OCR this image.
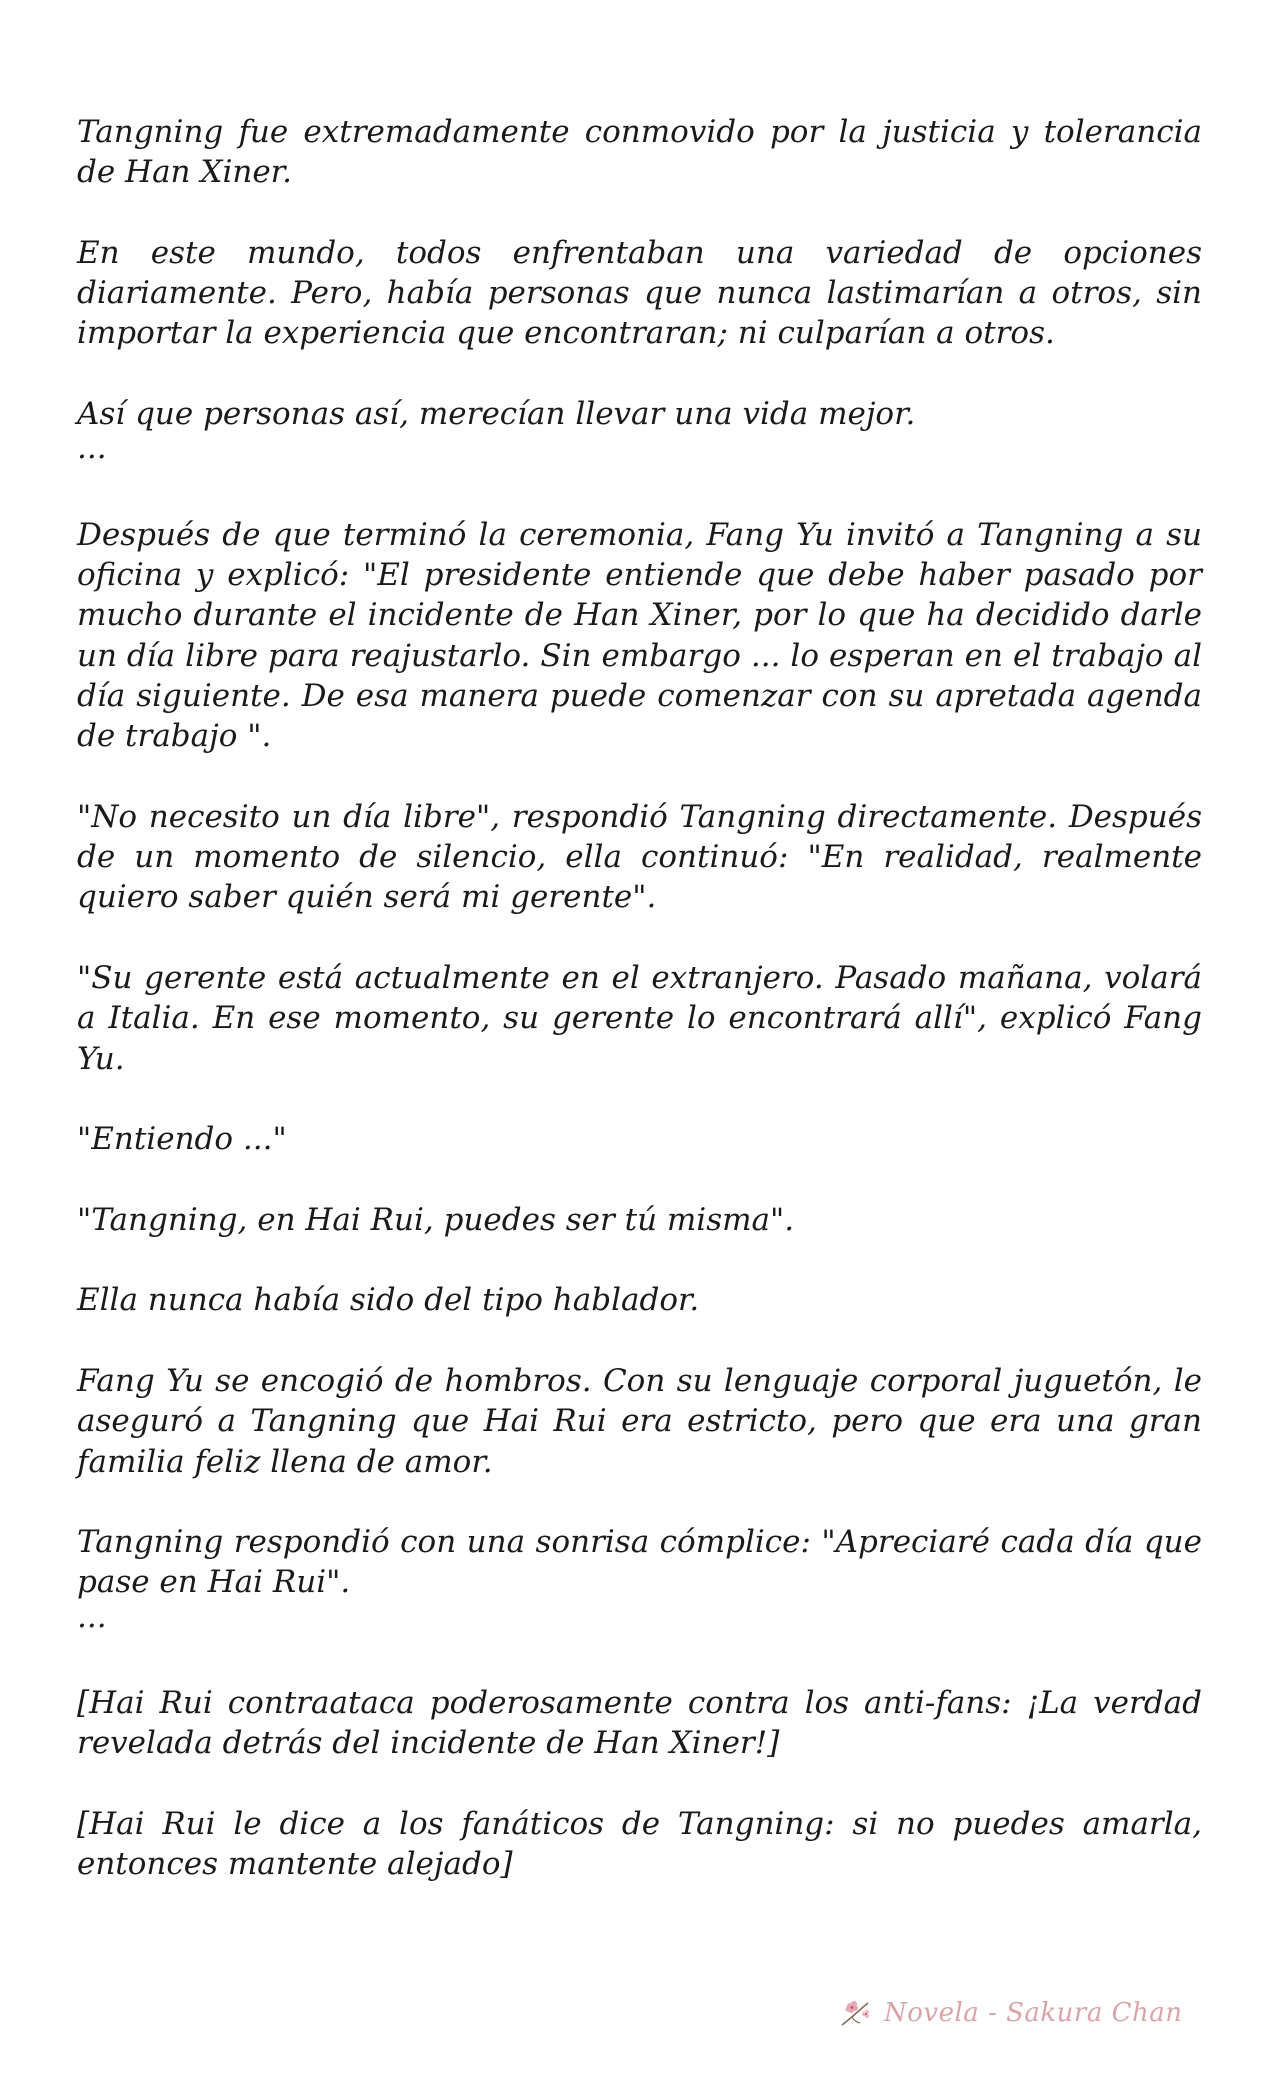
Tangning fue extremadamente conmovido por la justicia y tolerancia de Han Xiner.

En este mundo, todos enfrentaban una variedad de opciones diariamente. Pero, había personas que nunca lastimarían a otros, sin importar la experiencia que encontraran; ni culparían a otros.

Así que personas así, merecían llevar una vida mejor.

...

Después de que terminó la ceremonia, Fang Yu invitó a Tangning a su oficina y explicó: "El presidente entiende que debe haber pasado por mucho durante el incidente de Han Xiner, por lo que ha decidido darle un día libre para reajustarlo. Sin embargo ... lo esperan en el trabajo al día siguiente. De esa manera puede comenzar con su apretada agenda de trabajo ".

"No necesito un día libre", respondió Tangning directamente. Después de un momento de silencio, ella continuó: "En realidad, realmente quiero saber quién será mi gerente".

"Su gerente está actualmente en el extranjero. Pasado mañana, volará a Italia. En ese momento, su gerente lo encontrará allí", explicó Fang Yu.

"Entiendo ..."

"Tangning, en Hai Rui, puedes ser tú misma".

Ella nunca había sido del tipo hablador.

Fang Yu se encogió de hombros. Con su lenguaje corporal juguetón, le aseguró a Tangning que Hai Rui era estricto, pero que era una gran familia feliz llena de amor.

Tangning respondió con una sonrisa cómplice: "Apreciaré cada día que pase en Hai Rui".

...

[Hai Rui contraataca poderosamente contra los anti-fans: ¡La verdad revelada detrás del incidente de Han Xiner!]

[Hai Rui le dice a los fanáticos de Tangning: si no puedes amarla, entonces mantente alejado]

Novela - Sakura Chan
